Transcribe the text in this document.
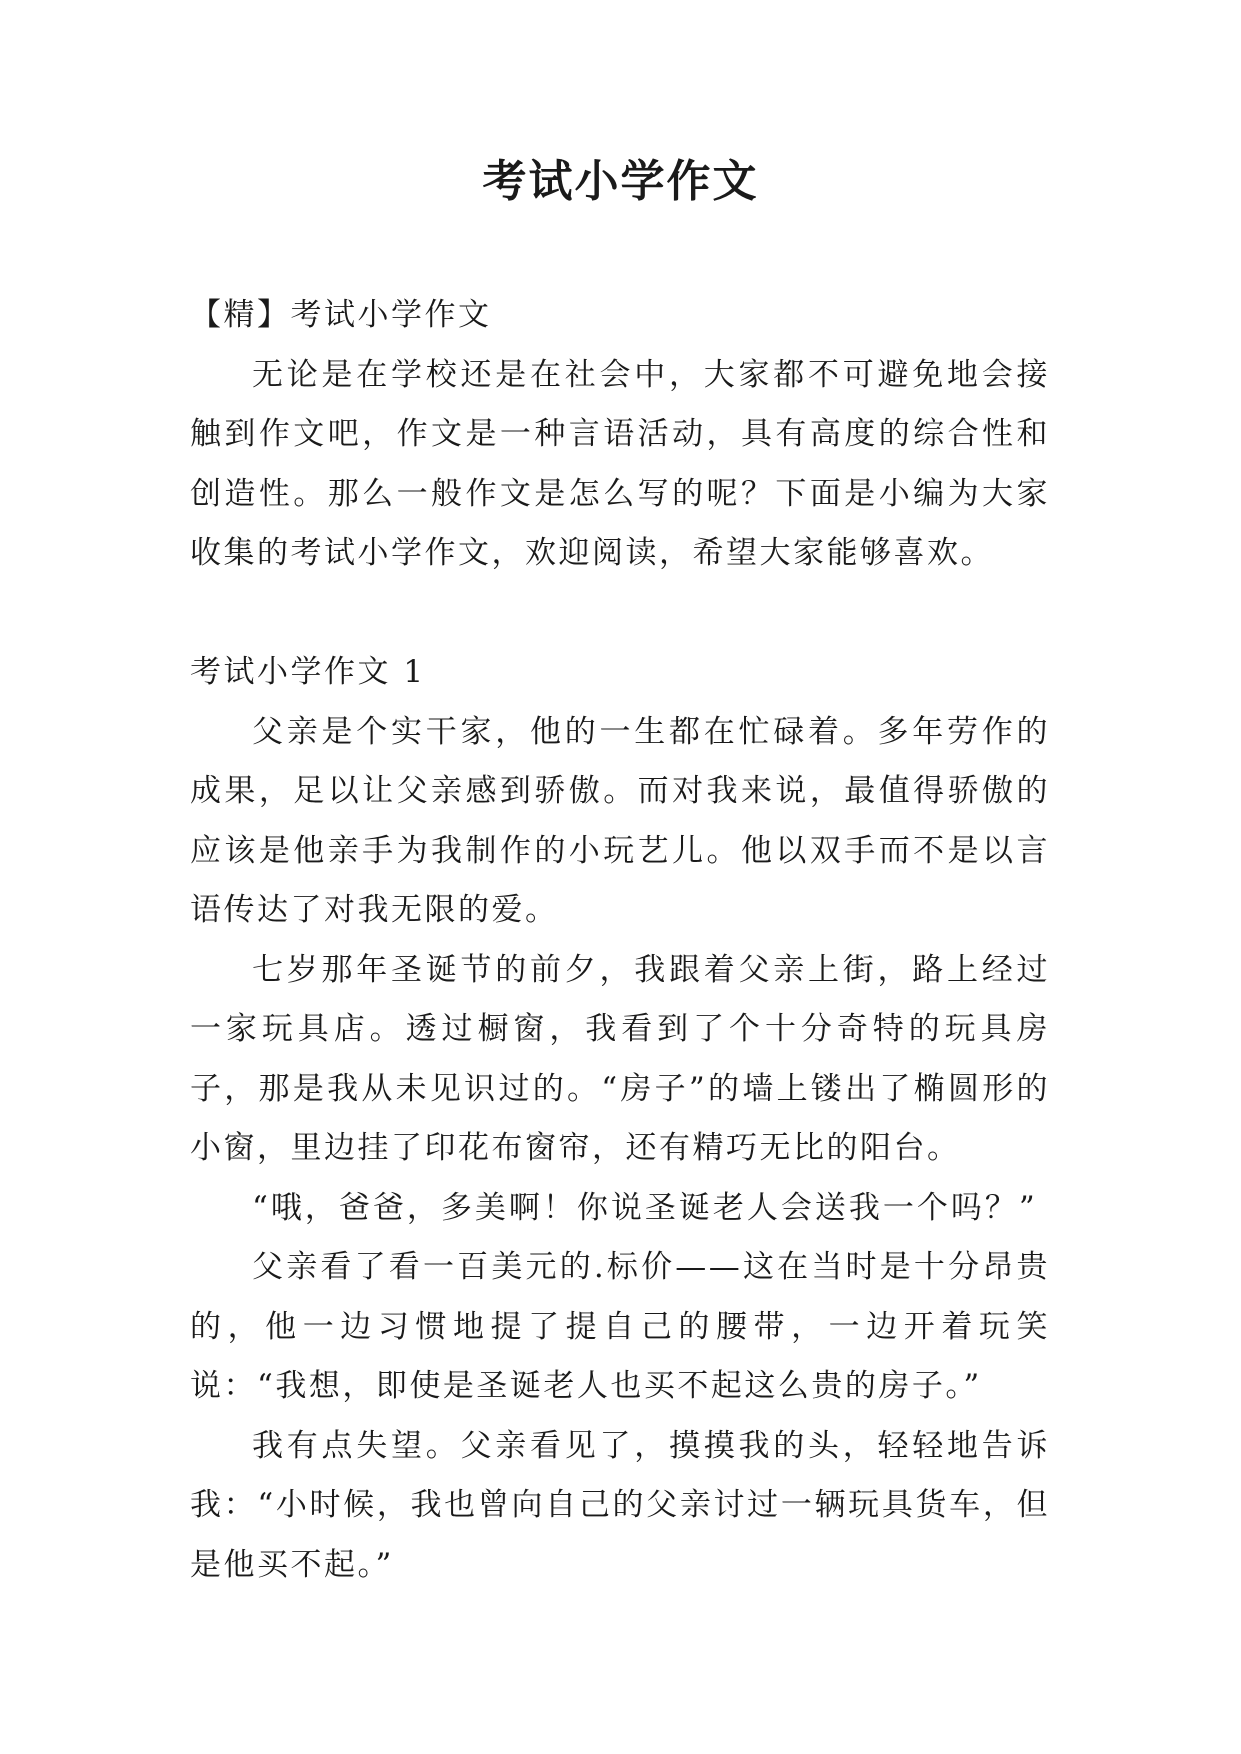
考试小学作文

【精】考试小学作文

无论是在学校还是在社会中，大家都不可避免地会接触到作文吧，作文是一种言语活动，具有高度的综合性和创造性。那么一般作文是怎么写的呢？下面是小编为大家收集的考试小学作文，欢迎阅读，希望大家能够喜欢。

考试小学作文 1

父亲是个实干家，他的一生都在忙碌着。多年劳作的成果，足以让父亲感到骄傲。而对我来说，最值得骄傲的应该是他亲手为我制作的小玩艺儿。他以双手而不是以言语传达了对我无限的爱。

七岁那年圣诞节的前夕，我跟着父亲上街，路上经过一家玩具店。透过橱窗，我看到了个十分奇特的玩具房子，那是我从未见识过的。“房子”的墙上镂出了椭圆形的小窗，里边挂了印花布窗帘，还有精巧无比的阳台。

“哦，爸爸，多美啊！你说圣诞老人会送我一个吗？”

父亲看了看一百美元的.标价——这在当时是十分昂贵的，他一边习惯地提了提自己的腰带，一边开着玩笑说：“我想，即使是圣诞老人也买不起这么贵的房子。”

我有点失望。父亲看见了，摸摸我的头，轻轻地告诉我：“小时候，我也曾向自己的父亲讨过一辆玩具货车，但是他买不起。”
